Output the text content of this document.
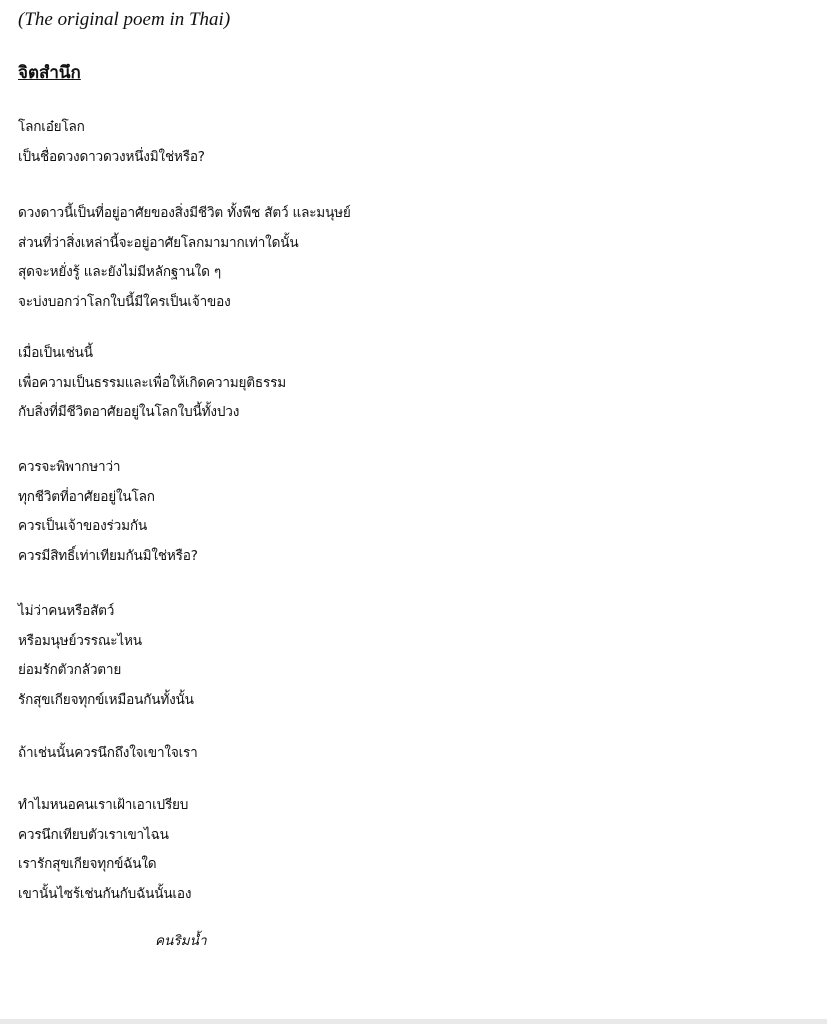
(The original poem in Thai)
จิตสำนึก
โลกเอ๋ยโลก
เป็นชื่อดวงดาวดวงหนึ่งมิใช่หรือ?
ดวงดาวนี้เป็นที่อยู่อาศัยของสิ่งมีชีวิต ทั้งพืช สัตว์ และมนุษย์
ส่วนที่ว่าสิ่งเหล่านี้จะอยู่อาศัยโลกมามากเท่าใดนั้น
สุดจะหยั่งรู้ และยังไม่มีหลักฐานใด ๆ
จะบ่งบอกว่าโลกใบนี้มีใครเป็นเจ้าของ
เมื่อเป็นเช่นนี้
เพื่อความเป็นธรรมและเพื่อให้เกิดความยุติธรรม
กับสิ่งที่มีชีวิตอาศัยอยู่ในโลกใบนี้ทั้งปวง
ควรจะพิพากษาว่า
ทุกชีวิตที่อาศัยอยู่ในโลก
ควรเป็นเจ้าของร่วมกัน
ควรมีสิทธิ์เท่าเทียมกันมิใช่หรือ?
ไม่ว่าคนหรือสัตว์
หรือมนุษย์วรรณะไหน
ย่อมรักตัวกลัวตาย
รักสุขเกียจทุกข์เหมือนกันทั้งนั้น
ถ้าเช่นนั้นควรนึกถึงใจเขาใจเรา
ทำไมหนอคนเราเฝ้าเอาเปรียบ
ควรนึกเทียบตัวเราเขาไฉน
เรารักสุขเกียจทุกข์ฉันใด
เขานั้นไซร้เช่นกันกับฉันนั้นเอง
คนริมน้ำ
